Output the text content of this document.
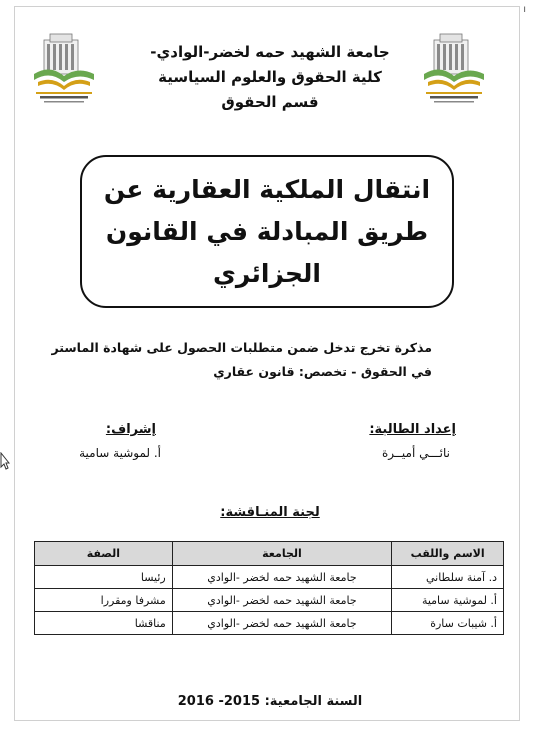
ı
جامعة الشهيد حمه لخضر-الوادي-
كلية الحقوق والعلوم السياسية
قسم الحقوق
انتقال الملكية العقارية عن
طريق المبادلة في القانون
الجزائري
مذكرة تخرج تدخل ضمن متطلبات الحصول على شهادة الماستر
في الحقوق - تخصص: قانون عقاري
إعداد الطالبة:
نائـــي أميــرة
إشراف:
أ. لموشية سامية
لجنة المنـاقشة:
الاسم واللقب	الجامعة	الصفة
د. آمنة سلطاني	جامعة الشهيد حمه لخضر -الوادي	رئيسا
أ. لموشية سامية	جامعة الشهيد حمه لخضر -الوادي	مشرفا ومقررا
أ. شيبات سارة	جامعة الشهيد حمه لخضر -الوادي	مناقشا
السنة الجامعية: 2015- 2016
